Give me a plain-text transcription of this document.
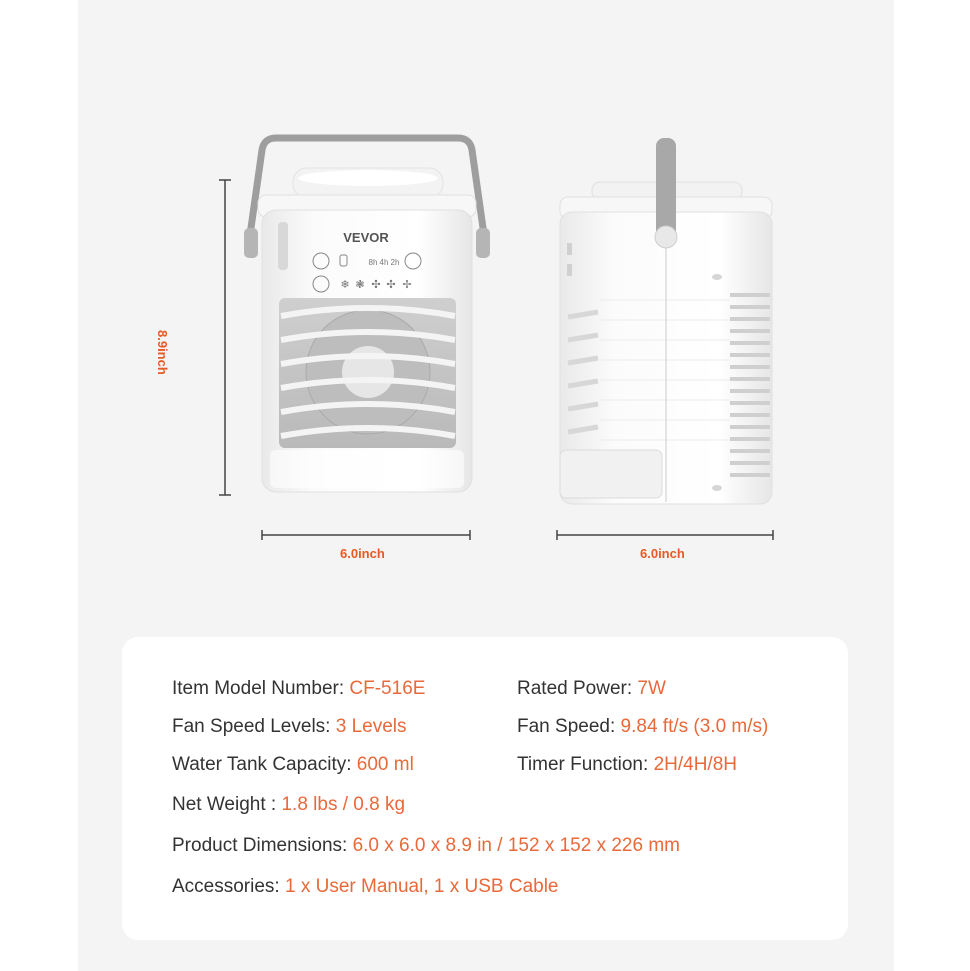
VEVOR
8h 4h 2h
❄ ❃ ✣ ✣ ✢
8.9inch
6.0inch	6.0inch
Item Model Number: CF-516E	Rated Power: 7W
Fan Speed Levels: 3 Levels	Fan Speed: 9.84 ft/s (3.0 m/s)
Water Tank Capacity: 600 ml	Timer Function: 2H/4H/8H
Net Weight : 1.8 lbs / 0.8 kg
Product Dimensions: 6.0 x 6.0 x 8.9 in / 152 x 152 x 226 mm
Accessories: 1 x User Manual, 1 x USB Cable
